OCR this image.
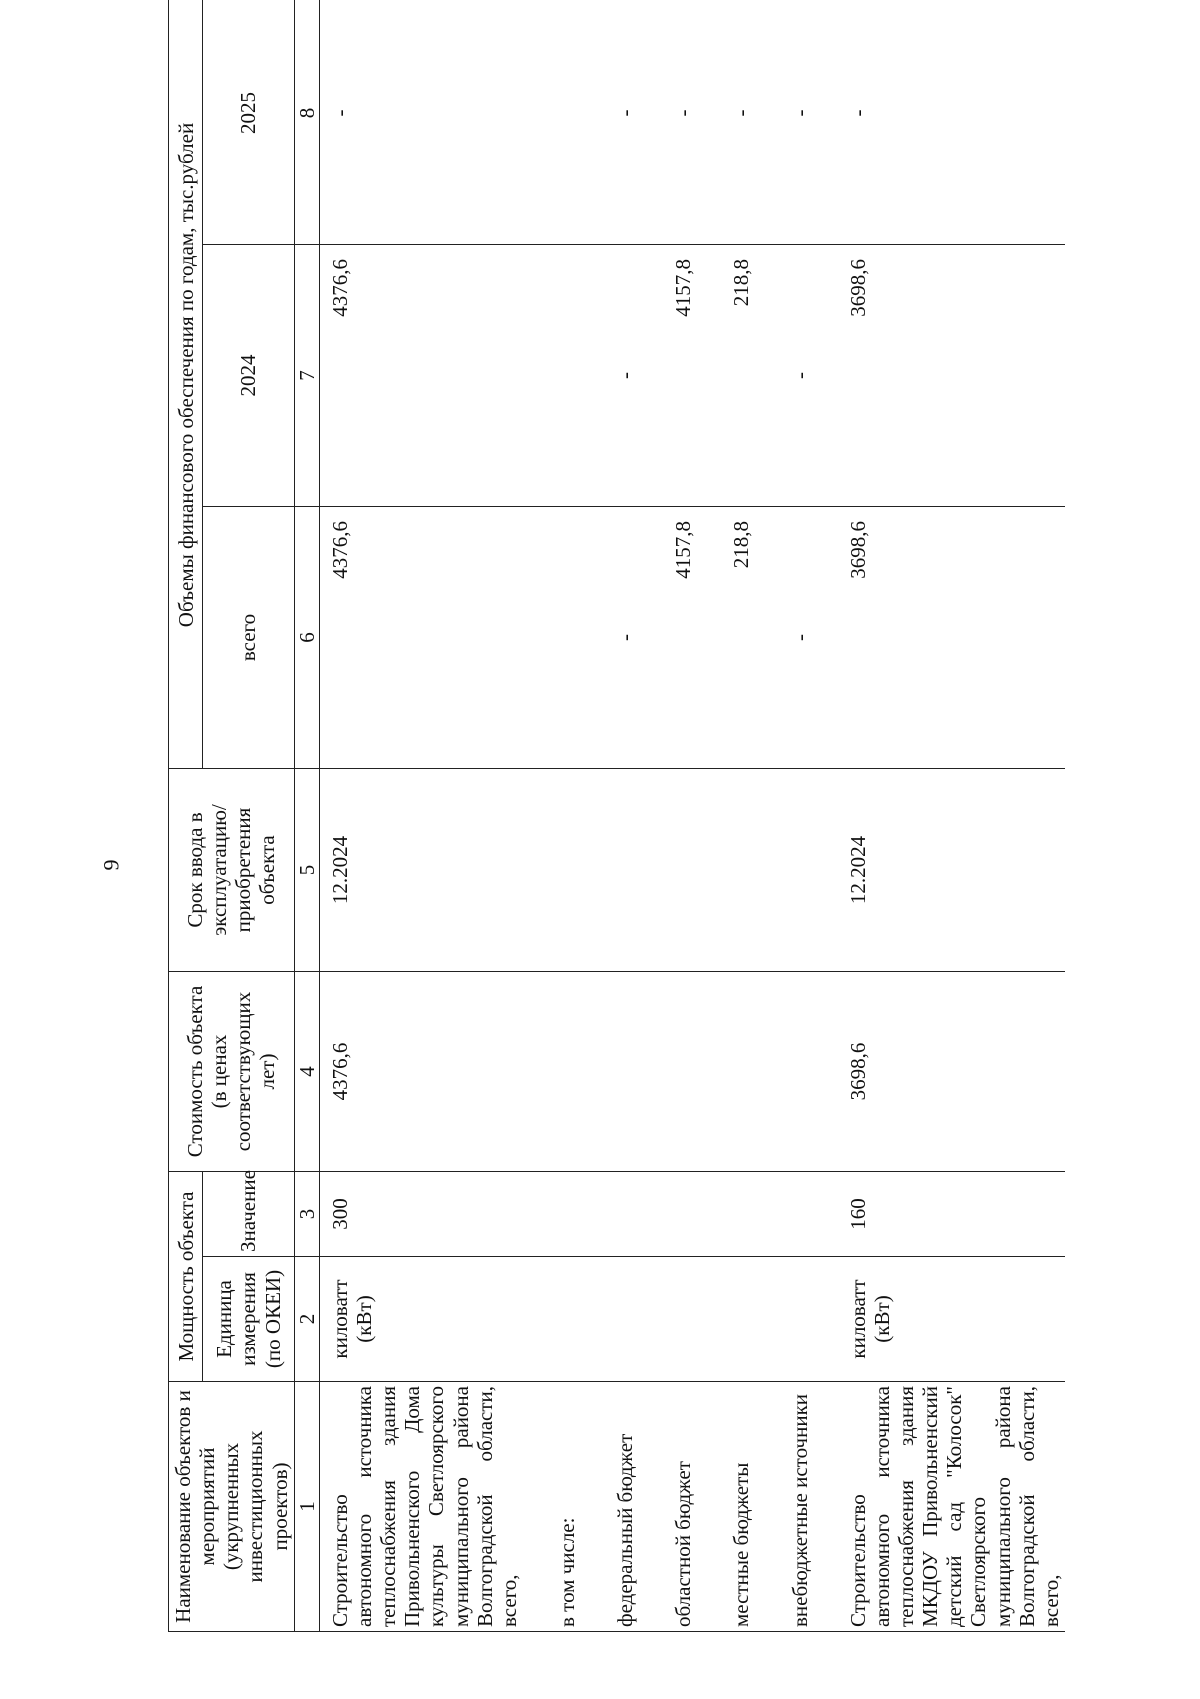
9
Наименование объектов и мероприятий (укрупненных инвестиционных проектов)	Мощность объекта		Стоимость объекта (в ценах соответствующих лет)	Срок ввода в эксплуатацию/ приобретения объекта	Объемы финансового обеспечения по годам, тыс.рублей		
	Единица измерения (по ОКЕИ)	Значение			всего	2024	2025
1	2	3	4	5	6	7	8
Строительство автономного источника теплоснабжения здания Привольненского Дома культуры Светлоярского муниципального района Волгоградской области, всего,	киловатт (кВт)	300	4376,6	12.2024	4376,6	4376,6	-

в том числе:							

федеральный бюджет					-	-	-

областной бюджет					4157,8	4157,8	-

местные бюджеты					218,8	218,8	-

внебюджетные источники					-	-	-

Строительство автономного источника теплоснабжения здания МКДОУ Привольненский детский сад "Колосок" Светлоярского муниципального района Волгоградской области, всего,	киловатт (кВт)	160	3698,6	12.2024	3698,6	3698,6	-
